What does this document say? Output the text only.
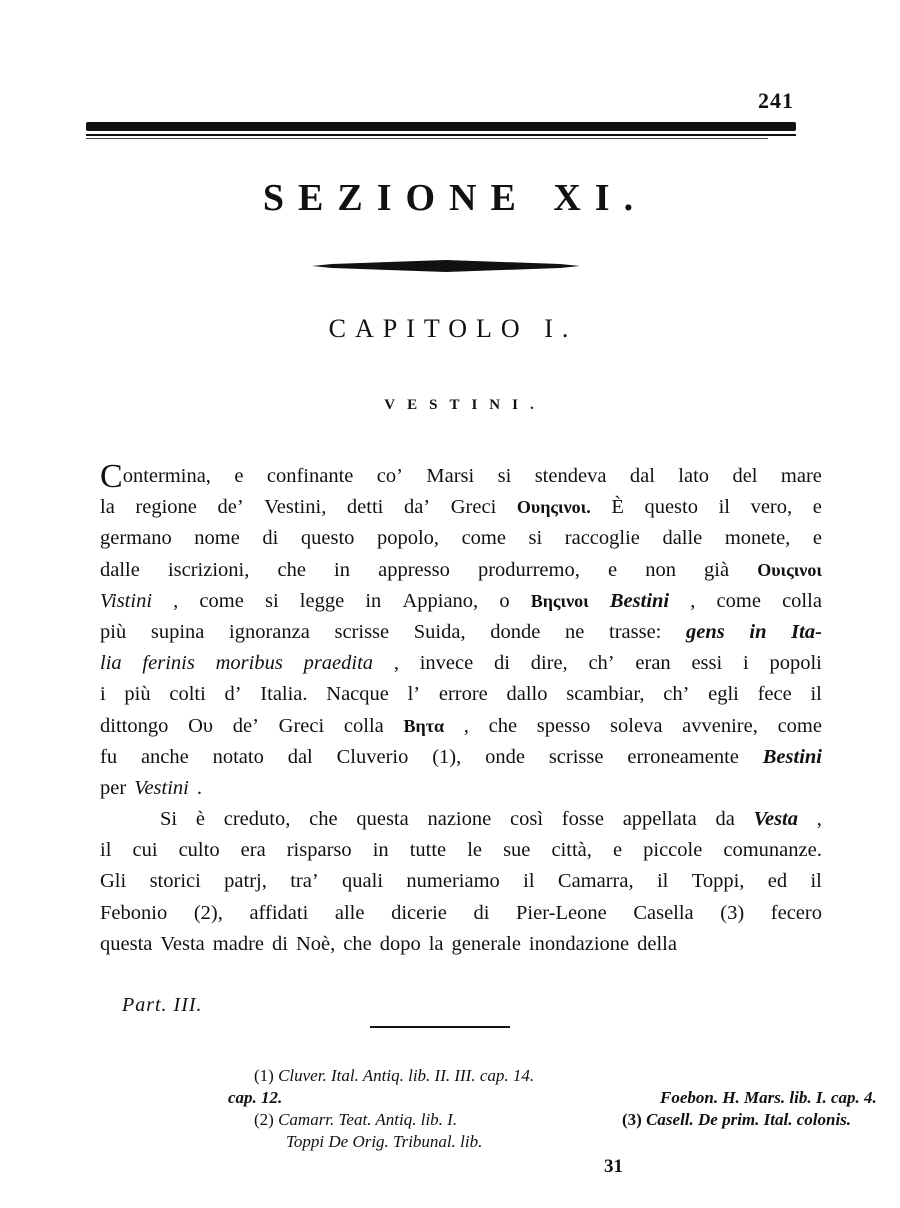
241
SEZIONE XI.
CAPITOLO I.
VESTINI.
C ontermina, e confinante co’ Marsi si stendeva dal lato del mare
la regione de’ Vestini, detti da’ Greci Ουηςινοι. È questo il vero, e
germano nome di questo popolo, come si raccoglie dalle monete, e
dalle iscrizioni, che in appresso produrremo, e non già Ουιςινοι
Vistini , come si legge in Appiano, o Βηςινοι Bestini , come colla
più supina ignoranza scrisse Suida, donde ne trasse: gens in Ita-
lia ferinis moribus praedita , invece di dire, ch’ eran essi i popoli
i più colti d’ Italia. Nacque l’ errore dallo scambiar, ch’ egli fece il
dittongo Ου de’ Greci colla Βητα , che spesso soleva avvenire, come
fu anche notato dal Cluverio (1), onde scrisse erroneamente Bestini
per Vestini .
Si è creduto, che questa nazione così fosse appellata da Vesta ,
il cui culto era risparso in tutte le sue città, e piccole comunanze.
Gli storici patrj, tra’ quali numeriamo il Camarra, il Toppi, ed il
Febonio (2), affidati alle dicerie di Pier-Leone Casella (3) fecero
questa Vesta madre di Noè, che dopo la generale inondazione della
Part. III.
(1) Cluver. Ital. Antiq. lib. II. III. cap. 14.
cap. 12.	Foebon. H. Mars. lib. I. cap. 4.
(2) Camarr. Teat. Antiq. lib. I.	(3) Casell. De prim. Ital. colonis.
Toppi De Orig. Tribunal. lib.
31
